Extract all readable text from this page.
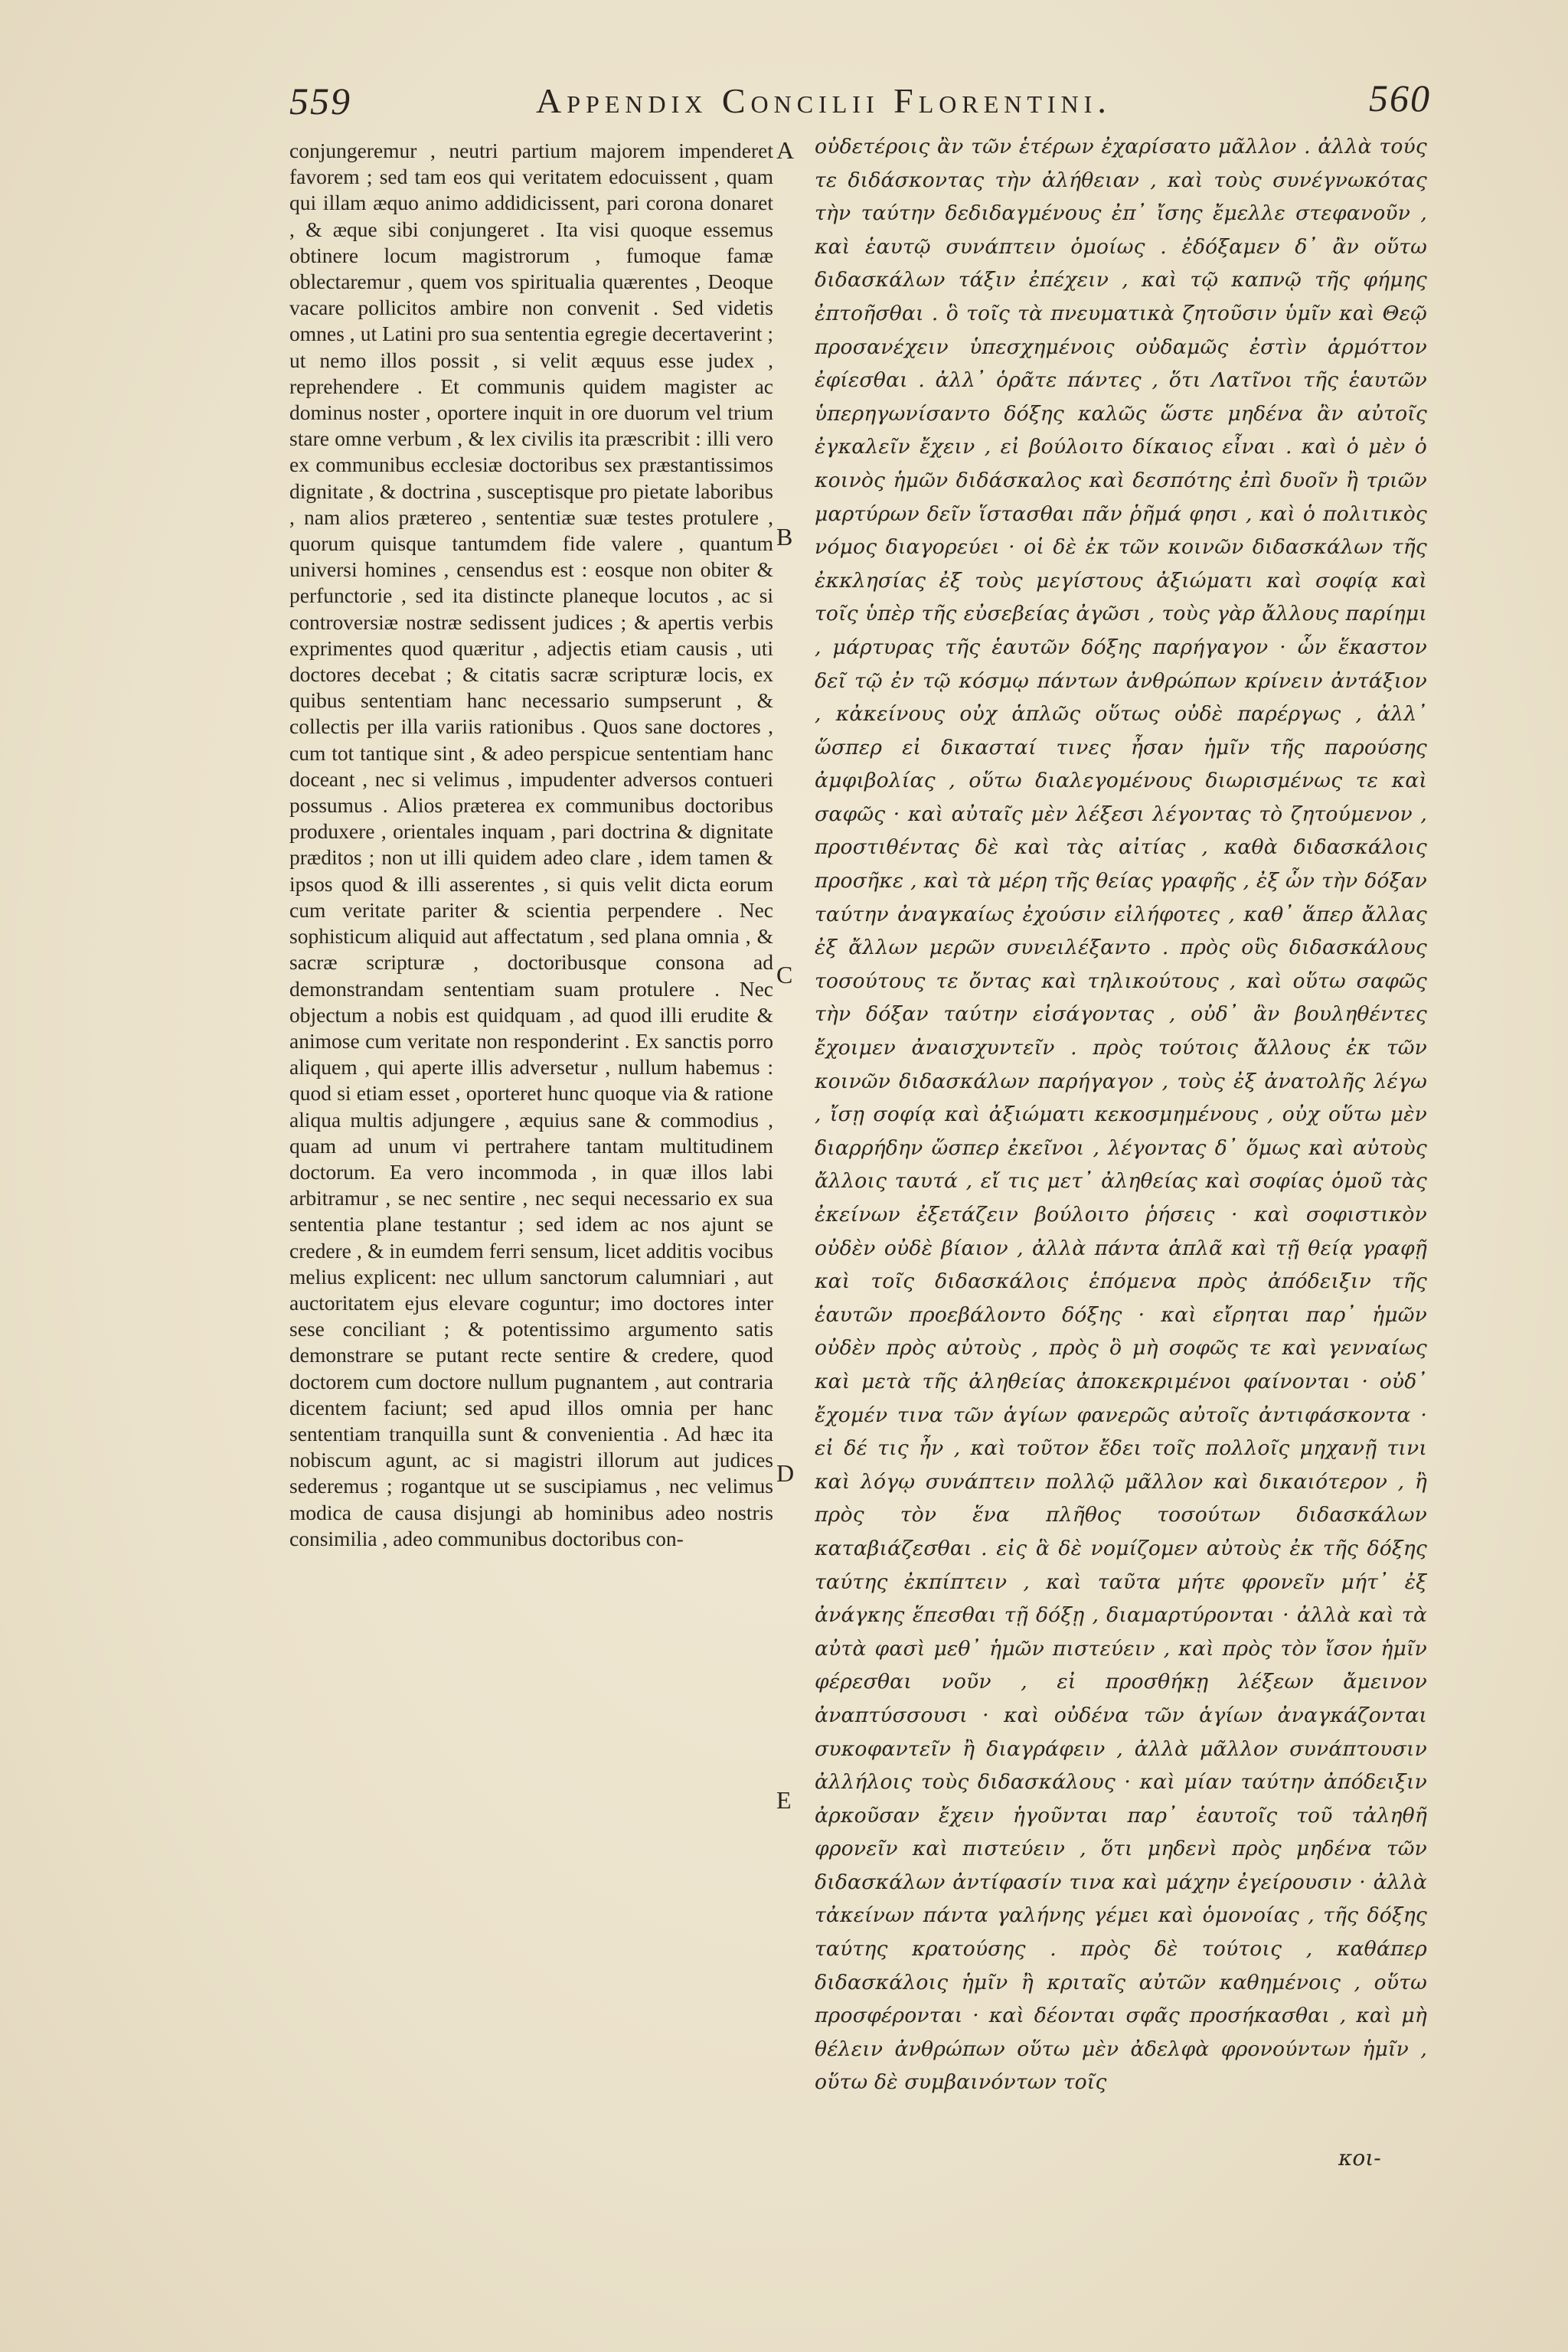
559	Appendix Concilii Florentini.	560

conjungeremur , neutri partium majorem impenderet favorem ; sed tam eos qui veritatem edocuissent , quam qui illam æquo animo addidicissent, pari corona donaret , & æque sibi conjungeret . Ita visi quoque essemus obtinere locum magistrorum , fumoque famæ oblectaremur , quem vos spiritualia quærentes , Deoque vacare pollicitos ambire non convenit . Sed videtis omnes , ut Latini pro sua sententia egregie decertaverint ; ut nemo illos possit , si velit æquus esse judex , reprehendere . Et communis quidem magister ac dominus noster , oportere inquit in ore duorum vel trium stare omne verbum , & lex civilis ita præscribit : illi vero ex communibus ecclesiæ doctoribus sex præstantissimos dignitate , & doctrina , susceptisque pro pietate laboribus , nam alios prætereo , sententiæ suæ testes protulere , quorum quisque tantumdem fide valere , quantum universi homines , censendus est : eosque non obiter & perfunctorie , sed ita distincte planeque locutos , ac si controversiæ nostræ sedissent judices ; & apertis verbis exprimentes quod quæritur , adjectis etiam causis , uti doctores decebat ; & citatis sacræ scripturæ locis, ex quibus sententiam hanc necessario sumpserunt , & collectis per illa variis rationibus . Quos sane doctores , cum tot tantique sint , & adeo perspicue sententiam hanc doceant , nec si velimus , impudenter adversos contueri possumus . Alios præterea ex communibus doctoribus produxere , orientales inquam , pari doctrina & dignitate præditos ; non ut illi quidem adeo clare , idem tamen & ipsos quod & illi asserentes , si quis velit dicta eorum cum veritate pariter & scientia perpendere . Nec sophisticum aliquid aut affectatum , sed plana omnia , & sacræ scripturæ , doctoribusque consona ad demonstrandam sententiam suam protulere . Nec objectum a nobis est quidquam , ad quod illi erudite & animose cum veritate non responderint . Ex sanctis porro aliquem , qui aperte illis adversetur , nullum habemus : quod si etiam esset , oporteret hunc quoque via & ratione aliqua multis adjungere , æquius sane & commodius , quam ad unum vi pertrahere tantam multitudinem doctorum. Ea vero incommoda , in quæ illos labi arbitramur , se nec sentire , nec sequi necessario ex sua sententia plane testantur ; sed idem ac nos ajunt se credere , & in eumdem ferri sensum, licet additis vocibus melius explicent: nec ullum sanctorum calumniari , aut auctoritatem ejus elevare coguntur; imo doctores inter sese conciliant ; & potentissimo argumento satis demonstrare se putant recte sentire & credere, quod doctorem cum doctore nullum pugnantem , aut contraria dicentem faciunt; sed apud illos omnia per hanc sententiam tranquilla sunt & convenientia . Ad hæc ita nobiscum agunt, ac si magistri illorum aut judices sederemus ; rogantque ut se suscipiamus , nec velimus modica de causa disjungi ab hominibus adeo nostris consimilia , adeo communibus doctoribus con-

A
B
C
D
E

οὐδετέροις ἂν τῶν ἑτέρων ἐχαρίσατο μᾶλλον . ἀλλὰ τούς τε διδάσκοντας τὴν ἀλήθειαν , καὶ τοὺς συνέγνωκότας τὴν ταύτην δεδιδαγμένους ἐπ᾽ ἴσης ἔμελλε στεφανοῦν , καὶ ἑαυτῷ συνάπτειν ὁμοίως . ἐδόξαμεν δ᾽ ἂν οὕτω διδασκάλων τάξιν ἐπέχειν , καὶ τῷ καπνῷ τῆς φήμης ἐπτοῆσθαι . ὃ τοῖς τὰ πνευματικὰ ζητοῦσιν ὑμῖν καὶ Θεῷ προσανέχειν ὑπεσχημένοις οὐδαμῶς ἐστὶν ἁρμόττον ἐφίεσθαι . ἀλλ᾽ ὁρᾶτε πάντες , ὅτι Λατῖνοι τῆς ἑαυτῶν ὑπερηγωνίσαντο δόξης καλῶς ὥστε μηδένα ἂν αὐτοῖς ἐγκαλεῖν ἔχειν , εἰ βούλοιτο δίκαιος εἶναι . καὶ ὁ μὲν ὁ κοινὸς ἡμῶν διδάσκαλος καὶ δεσπότης ἐπὶ δυοῖν ἢ τριῶν μαρτύρων δεῖν ἵστασθαι πᾶν ῥῆμά φησι , καὶ ὁ πολιτικὸς νόμος διαγορεύει · οἱ δὲ ἐκ τῶν κοινῶν διδασκάλων τῆς ἐκκλησίας ἐξ τοὺς μεγίστους ἀξιώματι καὶ σοφίᾳ καὶ τοῖς ὑπὲρ τῆς εὐσεβείας ἀγῶσι , τοὺς γὰρ ἄλλους παρίημι , μάρτυρας τῆς ἑαυτῶν δόξης παρήγαγον · ὧν ἕκαστον δεῖ τῷ ἐν τῷ κόσμῳ πάντων ἀνθρώπων κρίνειν ἀντάξιον , κἀκείνους οὐχ ἁπλῶς οὕτως οὐδὲ παρέργως , ἀλλ᾽ ὥσπερ εἰ δικασταί τινες ἦσαν ἡμῖν τῆς παρούσης ἀμφιβολίας , οὕτω διαλεγομένους διωρισμένως τε καὶ σαφῶς · καὶ αὐταῖς μὲν λέξεσι λέγοντας τὸ ζητούμενον , προστιθέντας δὲ καὶ τὰς αἰτίας , καθὰ διδασκάλοις προσῆκε , καὶ τὰ μέρη τῆς θείας γραφῆς , ἐξ ὧν τὴν δόξαν ταύτην ἀναγκαίως ἐχούσιν εἰλήφοτες , καθ᾽ ἅπερ ἄλλας ἐξ ἄλλων μερῶν συνειλέξαντο . πρὸς οὓς διδασκάλους τοσούτους τε ὄντας καὶ τηλικούτους , καὶ οὕτω σαφῶς τὴν δόξαν ταύτην εἰσάγοντας , οὐδ᾽ ἂν βουληθέντες ἔχοιμεν ἀναισχυντεῖν . πρὸς τούτοις ἄλλους ἐκ τῶν κοινῶν διδασκάλων παρήγαγον , τοὺς ἐξ ἀνατολῆς λέγω , ἴσῃ σοφίᾳ καὶ ἀξιώματι κεκοσμημένους , οὐχ οὕτω μὲν διαρρήδην ὥσπερ ἐκεῖνοι , λέγοντας δ᾽ ὅμως καὶ αὐτοὺς ἄλλοις ταυτά , εἴ τις μετ᾽ ἀληθείας καὶ σοφίας ὁμοῦ τὰς ἐκείνων ἐξετάζειν βούλοιτο ῥήσεις · καὶ σοφιστικὸν οὐδὲν οὐδὲ βίαιον , ἀλλὰ πάντα ἁπλᾶ καὶ τῇ θείᾳ γραφῇ καὶ τοῖς διδασκάλοις ἑπόμενα πρὸς ἀπόδειξιν τῆς ἑαυτῶν προεβάλοντο δόξης · καὶ εἴρηται παρ᾽ ἡμῶν οὐδὲν πρὸς αὐτοὺς , πρὸς ὃ μὴ σοφῶς τε καὶ γενναίως καὶ μετὰ τῆς ἀληθείας ἀποκεκριμένοι φαίνονται · οὐδ᾽ ἔχομέν τινα τῶν ἁγίων φανερῶς αὐτοῖς ἀντιφάσκοντα · εἰ δέ τις ἦν , καὶ τοῦτον ἔδει τοῖς πολλοῖς μηχανῇ τινι καὶ λόγῳ συνάπτειν πολλῷ μᾶλλον καὶ δικαιότερον , ἢ πρὸς τὸν ἕνα πλῆθος τοσούτων διδασκάλων καταβιάζεσθαι . εἰς ἃ δὲ νομίζομεν αὐτοὺς ἐκ τῆς δόξης ταύτης ἐκπίπτειν , καὶ ταῦτα μήτε φρονεῖν μήτ᾽ ἐξ ἀνάγκης ἕπεσθαι τῇ δόξῃ , διαμαρτύρονται · ἀλλὰ καὶ τὰ αὐτὰ φασὶ μεθ᾽ ἡμῶν πιστεύειν , καὶ πρὸς τὸν ἴσον ἡμῖν φέρεσθαι νοῦν , εἰ προσθήκῃ λέξεων ἄμεινον ἀναπτύσσουσι · καὶ οὐδένα τῶν ἁγίων ἀναγκάζονται συκοφαντεῖν ἢ διαγράφειν , ἀλλὰ μᾶλλον συνάπτουσιν ἀλλήλοις τοὺς διδασκάλους · καὶ μίαν ταύτην ἀπόδειξιν ἀρκοῦσαν ἔχειν ἡγοῦνται παρ᾽ ἑαυτοῖς τοῦ τἀληθῆ φρονεῖν καὶ πιστεύειν , ὅτι μηδενὶ πρὸς μηδένα τῶν διδασκάλων ἀντίφασίν τινα καὶ μάχην ἐγείρουσιν · ἀλλὰ τἀκείνων πάντα γαλήνης γέμει καὶ ὁμονοίας , τῆς δόξης ταύτης κρατούσης . πρὸς δὲ τούτοις , καθάπερ διδασκάλοις ἡμῖν ἢ κριταῖς αὐτῶν καθημένοις , οὕτω προσφέρονται · καὶ δέονται σφᾶς προσήκασθαι , καὶ μὴ θέλειν ἀνθρώπων οὕτω μὲν ἀδελφὰ φρονούντων ἡμῖν , οὕτω δὲ συμβαινόντων τοῖς

κοι-
